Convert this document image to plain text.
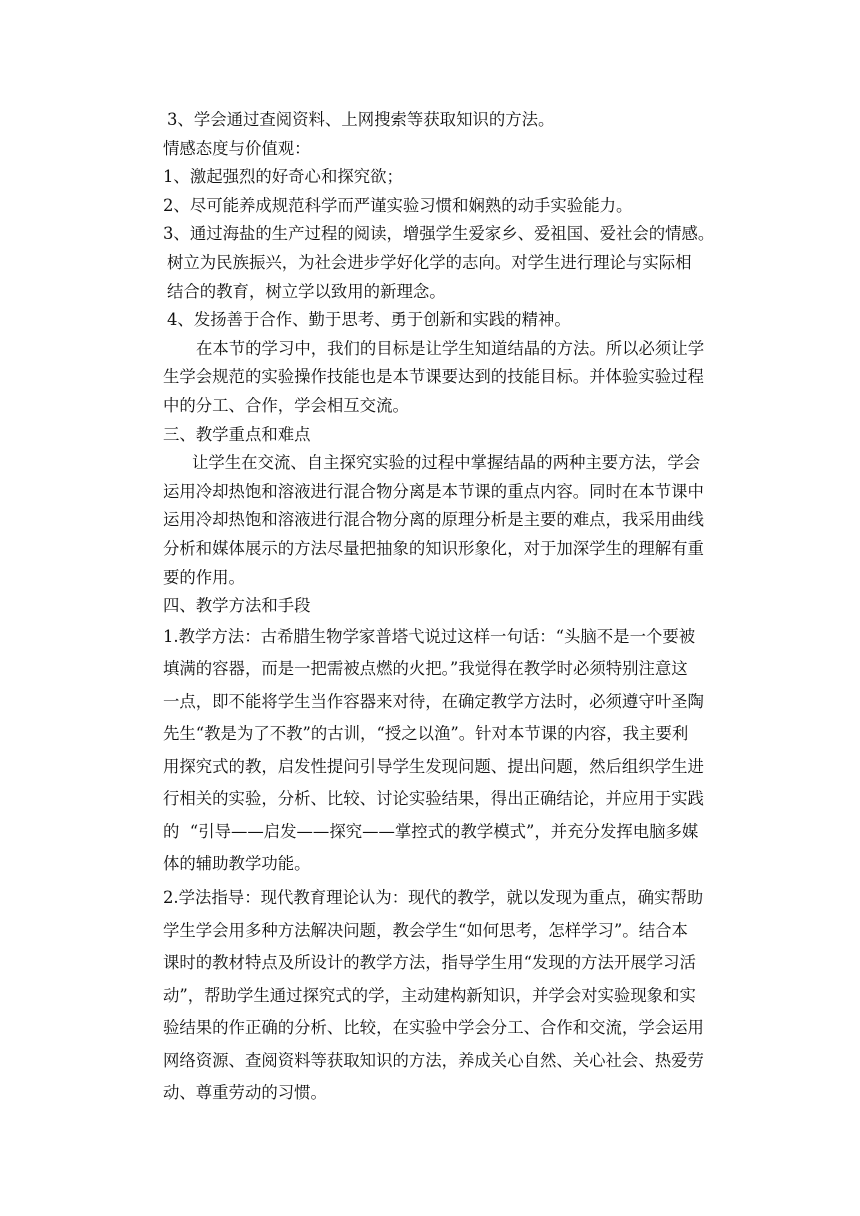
3、学会通过查阅资料、上网搜索等获取知识的方法。
情感态度与价值观：
1、激起强烈的好奇心和探究欲；
2、尽可能养成规范科学而严谨实验习惯和娴熟的动手实验能力。
3、通过海盐的生产过程的阅读，增强学生爱家乡、爱祖国、爱社会的情感。
树立为民族振兴，为社会进步学好化学的志向。对学生进行理论与实际相
结合的教育，树立学以致用的新理念。
4、发扬善于合作、勤于思考、勇于创新和实践的精神。
在本节的学习中，我们的目标是让学生知道结晶的方法。所以必须让学
生学会规范的实验操作技能也是本节课要达到的技能目标。并体验实验过程
中的分工、合作，学会相互交流。
三、教学重点和难点
让学生在交流、自主探究实验的过程中掌握结晶的两种主要方法，学会
运用冷却热饱和溶液进行混合物分离是本节课的重点内容。同时在本节课中
运用冷却热饱和溶液进行混合物分离的原理分析是主要的难点，我采用曲线
分析和媒体展示的方法尽量把抽象的知识形象化，对于加深学生的理解有重
要的作用。
四、教学方法和手段
1.教学方法：古希腊生物学家普塔弋说过这样一句话：“头脑不是一个要被
填满的容器，而是一把需被点燃的火把。”我觉得在教学时必须特别注意这
一点，即不能将学生当作容器来对待，在确定教学方法时，必须遵守叶圣陶
先生“教是为了不教”的古训，“授之以渔”。针对本节课的内容，我主要利
用探究式的教，启发性提问引导学生发现问题、提出问题，然后组织学生进
行相关的实验，分析、比较、讨论实验结果，得出正确结论，并应用于实践
的  “引导——启发——探究——掌控式的教学模式”，并充分发挥电脑多媒
体的辅助教学功能。
2.学法指导：现代教育理论认为：现代的教学，就以发现为重点，确实帮助
学生学会用多种方法解决问题，教会学生“如何思考，怎样学习”。结合本
课时的教材特点及所设计的教学方法，指导学生用“发现的方法开展学习活
动”，帮助学生通过探究式的学，主动建构新知识，并学会对实验现象和实
验结果的作正确的分析、比较，在实验中学会分工、合作和交流，学会运用
网络资源、查阅资料等获取知识的方法，养成关心自然、关心社会、热爱劳
动、尊重劳动的习惯。
